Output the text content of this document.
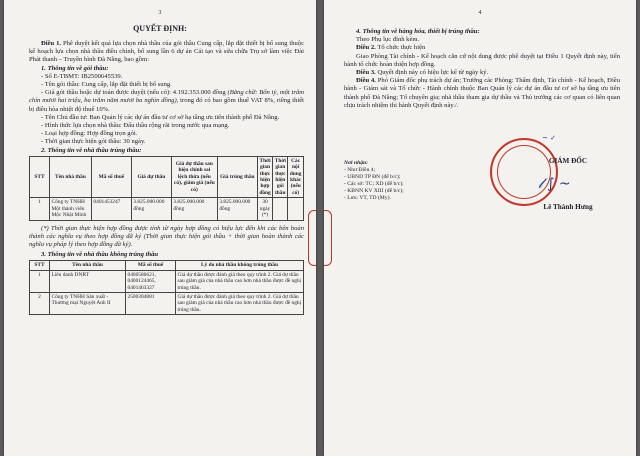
3
QUYẾT ĐỊNH:

Điều 1. Phê duyệt kết quả lựa chọn nhà thầu của gói thầu Cung cấp, lắp đặt thiết bị bổ sung thuộc kế hoạch lựa chọn nhà thầu điều chỉnh, bổ sung lần 6 dự án Cải tạo và sửa chữa Trụ sở làm việc Đài Phát thanh – Truyền hình Đà Nẵng, bao gồm:

1. Thông tin về gói thầu:

- Số E-TBMT: IB2500645539.

- Tên gói thầu: Cung cấp, lắp đặt thiết bị bổ sung.

- Giá gói thầu hoặc dự toán được duyệt (nếu có): 4.192.353.000 đồng (Bằng chữ: Bốn tỷ, một trăm chín mươi hai triệu, ba trăm năm mươi ba nghìn đồng), trong đó có bao gồm thuế VAT 8%, riêng thiết bị điều hòa nhiệt độ thuế 10%.

- Tên Chủ đầu tư: Ban Quản lý các dự án đầu tư cơ sở hạ tầng ưu tiên thành phố Đà Nẵng.

- Hình thức lựa chọn nhà thầu: Đấu thầu rộng rãi trong nước qua mạng.

- Loại hợp đồng: Hợp đồng trọn gói.

- Thời gian thực hiện gói thầu: 30 ngày.

2. Thông tin về nhà thầu trúng thầu:

STT	Tên nhà thầu	Mã số thuế	Giá dự thầu	Giá dự thầu sau hiệu chỉnh sai lệch thừa (nếu có), giảm giá (nếu có)	Giá trúng thầu	Thời gian thực hiện hợp đồng	Thời gian thực hiện gói thầu	Các nội dung khác (nếu có)
1	Công ty TNHH Một thành viên Mộc Nhật Minh	0401453247	3.825.000.000 đồng	3.825.000.000 đồng	3.825.000.000 đồng	30 ngày (*)		

(*) Thời gian thực hiện hợp đồng được tính từ ngày hợp đồng có hiệu lực đến khi các bên hoàn thành các nghĩa vụ theo hợp đồng đã ký (Thời gian thực hiện gói thầu + thời gian hoàn thành các nghĩa vụ pháp lý theo hợp đồng đã ký).

3. Thông tin về nhà thầu không trúng thầu

STT	Tên nhà thầu	Mã số thuế	Lý do nhà thầu không trúng thầu
1	Liên danh DNRT	0400586621, 0400124465, 0401463327	Giá dự thầu được đánh giá theo quy trình 2. Giá dự thầu sau giảm giá của nhà thầu cao hơn nhà thầu được đề nghị trúng thầu.
2	Công ty TNHH Sản xuất - Thương mại Nguyệt Anh II	2500304881	Giá dự thầu được đánh giá theo quy trình 2. Giá dự thầu sau giảm giá của nhà thầu cao hơn nhà thầu được đề nghị trúng thầu.
4

4. Thông tin về hàng hóa, thiết bị trúng thầu:

Theo Phụ lục đính kèm.

Điều 2. Tổ chức thực hiện

Giao Phòng Tài chính - Kế hoạch căn cứ nội dung được phê duyệt tại Điều 1 Quyết định này, tiến hành tổ chức hoàn thiện hợp đồng.

Điều 3. Quyết định này có hiệu lực kể từ ngày ký.

Điều 4. Phó Giám đốc phụ trách dự án; Trưởng các Phòng: Thẩm định, Tài chính - Kế hoạch, Điều hành - Giám sát và Tổ chức - Hành chính thuộc Ban Quản lý các dự án đầu tư cơ sở hạ tầng ưu tiên thành phố Đà Nẵng; Tổ chuyên gia; nhà thầu tham gia dự thầu và Thủ trưởng các cơ quan có liên quan chịu trách nhiệm thi hành Quyết định này./.

Nơi nhận:
- Như Điều 4;
- UBND TP ĐN (để b/c);
- Các sở: TC; XD (để b/c);
- KBNN KV XIII (để b/c);
- Lưu: VT, TD (My).
~ ✓
GIÁM ĐỐC
𝓁 ∫ ~
Lê Thành Hưng
